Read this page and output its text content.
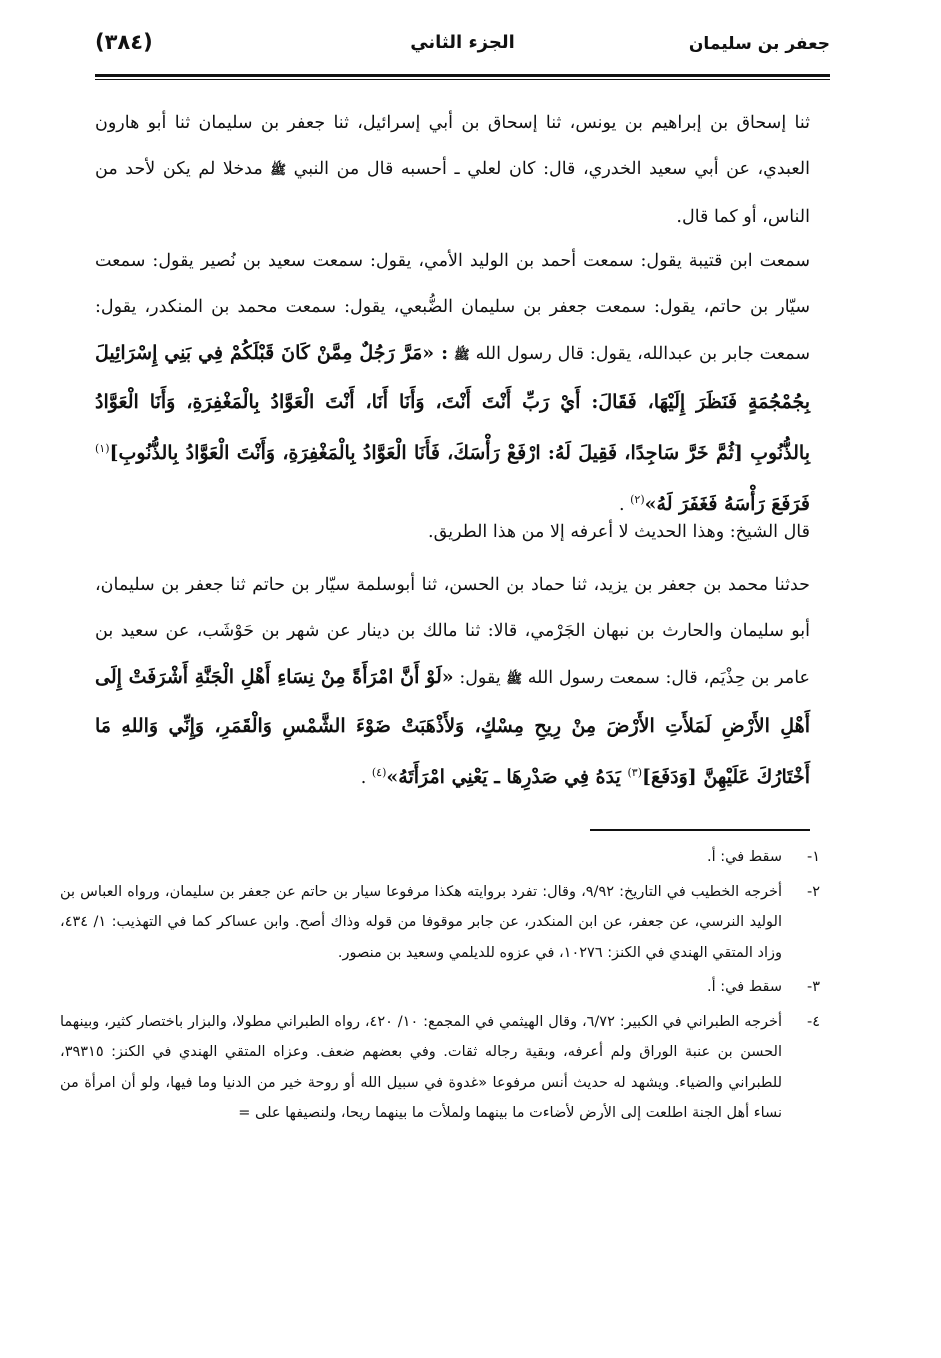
جعفر بن سليمان
الجزء الثاني
(٣٨٤)

ثنا إسحاق بن إبراهيم بن يونس، ثنا إسحاق بن أبي إسرائيل، ثنا جعفر بن سليمان ثنا أبو هارون العبدي، عن أبي سعيد الخدري، قال: كان لعلي ـ أحسبه قال من النبي ﷺ مدخلا لم يكن لأحد من الناس، أو كما قال.

سمعت ابن قتيبة يقول: سمعت أحمد بن الوليد الأمي، يقول: سمعت سعيد بن نُصير يقول: سمعت سيّار بن حاتم، يقول: سمعت جعفر بن سليمان الضُّبعي، يقول: سمعت محمد بن المنكدر، يقول: سمعت جابر بن عبدالله، يقول: قال رسول الله ﷺ : «مَرَّ رَجُلٌ مِمَّنْ كَانَ قَبْلَكُمْ فِي بَنِي إِسْرَائِيلَ بِجُمْجُمَةٍ فَنَظَرَ إِلَيْهَا، فَقَالَ: أَيْ رَبِّ أَنْتَ أَنْتَ، وَأَنَا أَنَا، أَنْتَ الْعَوَّادُ بِالْمَغْفِرَةِ، وَأَنَا الْعَوَّادُ بِالذُّنُوبِ [ثُمَّ خَرَّ سَاجِدًا، فَقِيلَ لَهُ: ارْفَعْ رَأْسَكَ، فَأَنَا الْعَوَّادُ بِالْمَغْفِرَةِ، وَأَنْتَ الْعَوَّادُ بِالذُّنُوبِ]$^{(١)}$ فَرَفَعَ رَأْسَهُ فَغَفَرَ لَهُ»$^{(٢)}$ .

قال الشيخ: وهذا الحديث لا أعرفه إلا من هذا الطريق.

حدثنا محمد بن جعفر بن يزيد، ثنا حماد بن الحسن، ثنا أبوسلمة سيّار بن حاتم ثنا جعفر بن سليمان، أبو سليمان والحارث بن نبهان الجَرْمي، قالا: ثنا مالك بن دينار عن شهر بن حَوْشَب، عن سعيد بن عامر بن حِذْيَم، قال: سمعت رسول الله ﷺ يقول: «لَوْ أَنَّ امْرَأَةً مِنْ نِسَاءِ أَهْلِ الْجَنَّةِ أَشْرَفَتْ إِلَى أَهْلِ الأَرْضِ لَمَلأَتِ الأَرْضَ مِنْ رِيحِ مِسْكٍ، وَلأَذْهَبَتْ ضَوْءَ الشَّمْسِ وَالْقَمَرِ، وَإِنِّي وَاللهِ مَا أَخْتَارُكَ عَلَيْهِنَّ [وَدَفَعَ]$^{(٣)}$ يَدَهُ فِي صَدْرِهَا ـ يَعْنِي امْرَأَتَهُ»$^{(٤)}$ .

١-
سقط في: أ.
٢-
أخرجه الخطيب في التاريخ: ٩/٩٢، وقال: تفرد بروايته هكذا مرفوعا سيار بن حاتم عن جعفر بن سليمان، ورواه العباس بن الوليد النرسي، عن جعفر، عن ابن المنكدر، عن جابر موقوفا من قوله وذاك أصح. وابن عساكر كما في التهذيب: ١/ ٤٣٤، وزاد المتقي الهندي في الكنز: ١٠٢٧٦، في عزوه للديلمي وسعيد بن منصور.
٣-
سقط في: أ.
٤-
أخرجه الطبراني في الكبير: ٦/٧٢، وقال الهيثمي في المجمع: ١٠/ ٤٢٠، رواه الطبراني مطولا، والبزار باختصار كثير، وبينهما الحسن بن عنبة الوراق ولم أعرفه، وبقية رجاله ثقات. وفي بعضهم ضعف. وعزاه المتقي الهندي في الكنز: ٣٩٣١٥، للطبراني والضياء. ويشهد له حديث أنس مرفوعا «غدوة في سبيل الله أو روحة خير من الدنيا وما فيها، ولو أن امرأة من نساء أهل الجنة اطلعت إلى الأرض لأضاءت ما بينهما ولملأت ما بينهما ريحا، ولنصيفها على =
